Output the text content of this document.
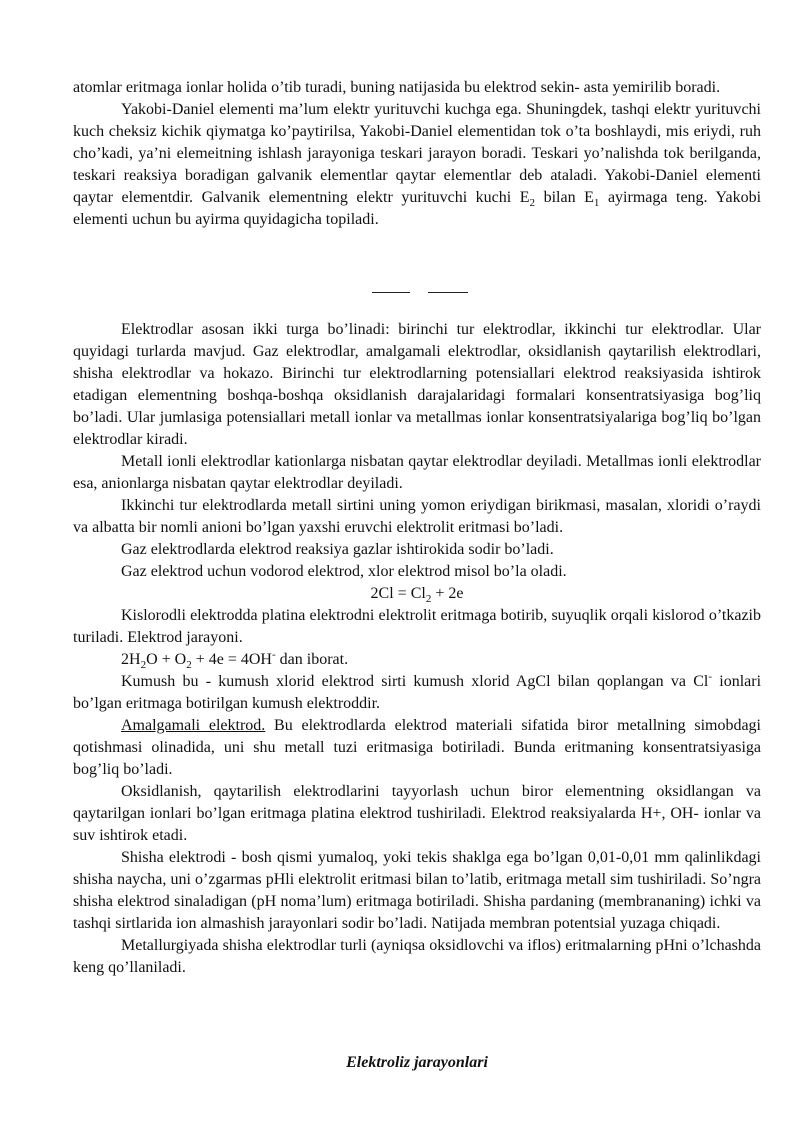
atomlar eritmaga ionlar holida o’tib turadi, buning natijasida bu elektrod sekin- asta yemirilib boradi.

Yakobi-Daniel elementi ma’lum elektr yurituvchi kuchga ega. Shuningdek, tashqi elektr yurituvchi kuch cheksiz kichik qiymatga ko’paytirilsa, Yakobi-Daniel elementidan tok o’ta boshlaydi, mis eriydi, ruh cho’kadi, ya’ni elemeitning ishlash jarayoniga teskari jarayon boradi. Teskari yo’nalishda tok berilganda, teskari reaksiya boradigan galvanik elementlar qaytar elementlar deb ataladi. Yakobi-Daniel elementi qaytar elementdir. Galvanik elementning elektr yurituvchi kuchi $E_2$ bilan $E_1$ ayirmaga teng. Yakobi elementi uchun bu ayirma quyidagicha topiladi.

Elektrodlar asosan ikki turga bo’linadi: birinchi tur elektrodlar, ikkinchi tur elektrodlar. Ular quyidagi turlarda mavjud. Gaz elektrodlar, amalgamali elektrodlar, oksidlanish qaytarilish elektrodlari, shisha elektrodlar va hokazo. Birinchi tur elektrodlarning potensiallari elektrod reaksiyasida ishtirok etadigan elementning boshqa-boshqa oksidlanish darajalaridagi formalari konsentratsiyasiga bog’liq bo’ladi. Ular jumlasiga potensiallari metall ionlar va metallmas ionlar konsentratsiyalariga bog’liq bo’lgan elektrodlar kiradi.

Metall ionli elektrodlar kationlarga nisbatan qaytar elektrodlar deyiladi. Metallmas ionli elektrodlar esa, anionlarga nisbatan qaytar elektrodlar deyiladi.

Ikkinchi tur elektrodlarda metall sirtini uning yomon eriydigan birikmasi, masalan, xloridi o’raydi va albatta bir nomli anioni bo’lgan yaxshi eruvchi elektrolit eritmasi bo’ladi.

Gaz elektrodlarda elektrod reaksiya gazlar ishtirokida sodir bo’ladi.

Gaz elektrod uchun vodorod elektrod, xlor elektrod misol bo’la oladi.

$2Cl = Cl_2 + 2e$

Kislorodli elektrodda platina elektrodni elektrolit eritmaga botirib, suyuqlik orqali kislorod o’tkazib turiladi. Elektrod jarayoni.

$2H_2O + O_2 + 4e = 4OH^-$ dan iborat.

Kumush bu - kumush xlorid elektrod sirti kumush xlorid AgCl bilan qoplangan va Cl- ionlari bo’lgan eritmaga botirilgan kumush elektroddir.

Amalgamali elektrod. Bu elektrodlarda elektrod materiali sifatida biror metallning simobdagi qotishmasi olinadida, uni shu metall tuzi eritmasiga botiriladi. Bunda eritmaning konsentratsiyasiga bog’liq bo’ladi.

Oksidlanish, qaytarilish elektrodlarini tayyorlash uchun biror elementning oksidlangan va qaytarilgan ionlari bo’lgan eritmaga platina elektrod tushiriladi. Elektrod reaksiyalarda H+, OH- ionlar va suv ishtirok etadi.

Shisha elektrodi - bosh qismi yumaloq, yoki tekis shaklga ega bo’lgan 0,01-0,01 mm qalinlikdagi shisha naycha, uni o’zgarmas pHli elektrolit eritmasi bilan to’latib, eritmaga metall sim tushiriladi. So’ngra shisha elektrod sinaladigan (pH noma’lum) eritmaga botiriladi. Shisha pardaning (membrananing) ichki va tashqi sirtlarida ion almashish jarayonlari sodir bo’ladi. Natijada membran potentsial yuzaga chiqadi.

Metallurgiyada shisha elektrodlar turli (ayniqsa oksidlovchi va iflos) eritmalarning pHni o’lchashda keng qo’llaniladi.

Elektroliz jarayonlari
